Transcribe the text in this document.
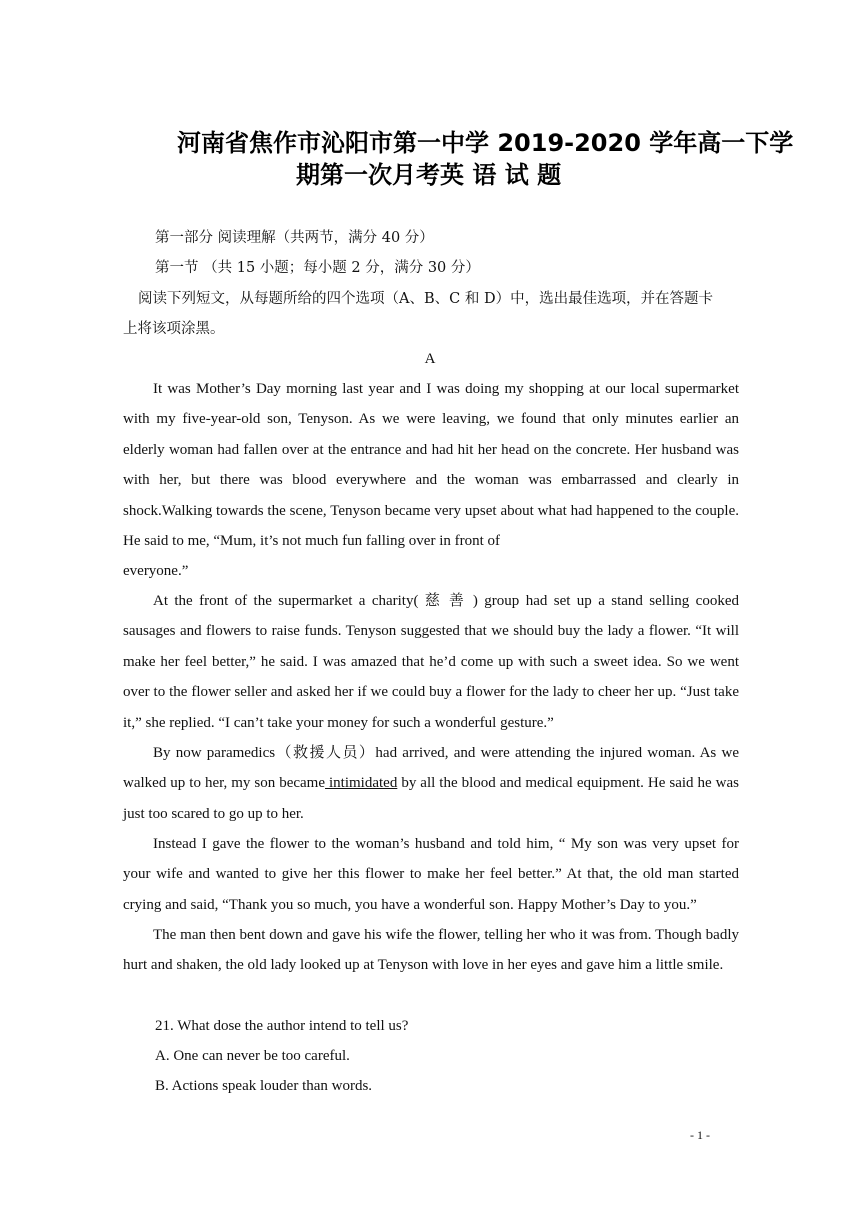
河南省焦作市沁阳市第一中学 2019-2020 学年高一下学
期第一次月考英 语 试 题
第一部分 阅读理解（共两节，满分 40 分）
第一节 （共 15 小题；每小题 2 分，满分 30 分）
阅读下列短文，从每题所给的四个选项（A、B、C 和 D）中，选出最佳选项，并在答题卡
上将该项涂黑。
A
It was Mother’s Day morning last year and I was doing my shopping at our local supermarket with my five-year-old son, Tenyson. As we were leaving, we found that only minutes earlier an elderly woman had fallen over at the entrance and had hit her head on the concrete. Her husband was with her, but there was blood everywhere and the woman was embarrassed and clearly in shock.Walking towards the scene, Tenyson became very upset about what had happened to the couple. He said to me, “Mum, it’s not much fun falling over in front of
everyone.”
At the front of the supermarket a charity( 慈 善 ) group had set up a stand selling cooked sausages and flowers to raise funds. Tenyson suggested that we should buy the lady a flower. “It will make her feel better,” he said. I was amazed that he’d come up with such a sweet idea. So we went over to the flower seller and asked her if we could buy a flower for the lady to cheer her up. “Just take it,” she replied. “I can’t take your money for such a wonderful gesture.”
By now paramedics（救援人员）had arrived, and were attending the injured woman. As we walked up to her, my son became intimidated by all the blood and medical equipment. He said he was just too scared to go up to her.
Instead I gave the flower to the woman’s husband and told him, “ My son was very upset for your wife and wanted to give her this flower to make her feel better.” At that, the old man started crying and said, “Thank you so much, you have a wonderful son. Happy Mother’s Day to you.”
The man then bent down and gave his wife the flower, telling her who it was from. Though badly hurt and shaken, the old lady looked up at Tenyson with love in her eyes and gave him a little smile.
21. What dose the author intend to tell us?
A. One can never be too careful.
B. Actions speak louder than words.
- 1 -
